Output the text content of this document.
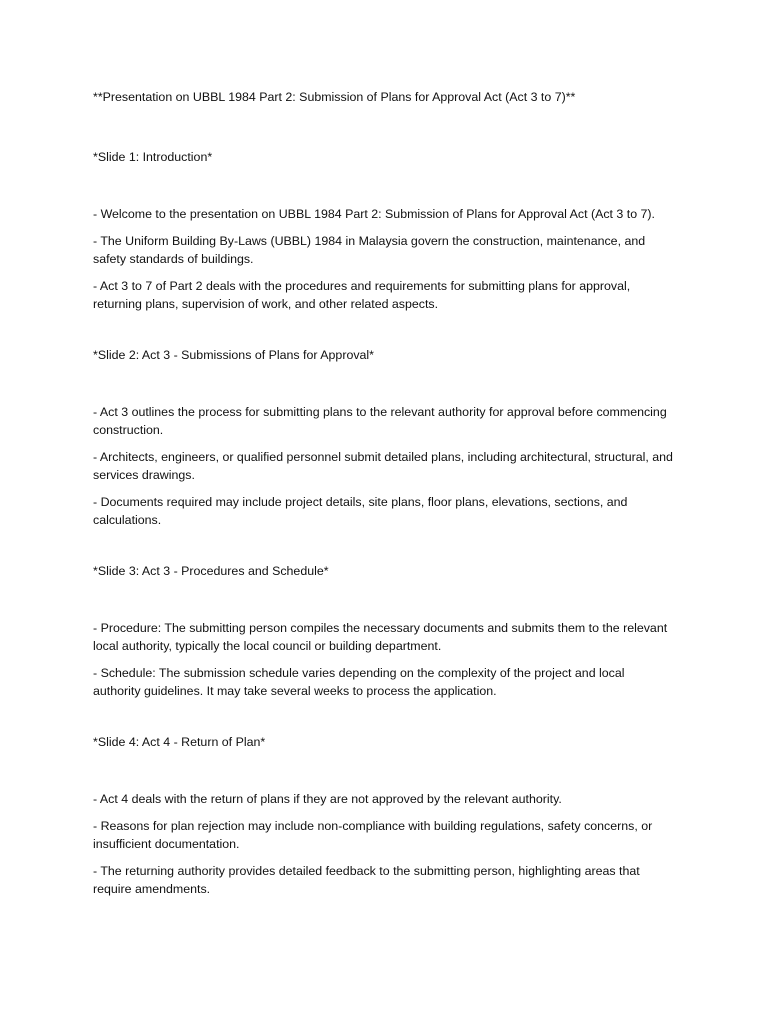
**Presentation on UBBL 1984 Part 2: Submission of Plans for Approval Act (Act 3 to 7)**

*Slide 1: Introduction*

- Welcome to the presentation on UBBL 1984 Part 2: Submission of Plans for Approval Act (Act 3 to 7).

- The Uniform Building By-Laws (UBBL) 1984 in Malaysia govern the construction, maintenance, and safety standards of buildings.

- Act 3 to 7 of Part 2 deals with the procedures and requirements for submitting plans for approval, returning plans, supervision of work, and other related aspects.

*Slide 2: Act 3 - Submissions of Plans for Approval*

- Act 3 outlines the process for submitting plans to the relevant authority for approval before commencing construction.

- Architects, engineers, or qualified personnel submit detailed plans, including architectural, structural, and services drawings.

- Documents required may include project details, site plans, floor plans, elevations, sections, and calculations.

*Slide 3: Act 3 - Procedures and Schedule*

- Procedure: The submitting person compiles the necessary documents and submits them to the relevant local authority, typically the local council or building department.

- Schedule: The submission schedule varies depending on the complexity of the project and local authority guidelines. It may take several weeks to process the application.

*Slide 4: Act 4 - Return of Plan*

- Act 4 deals with the return of plans if they are not approved by the relevant authority.

- Reasons for plan rejection may include non-compliance with building regulations, safety concerns, or insufficient documentation.

- The returning authority provides detailed feedback to the submitting person, highlighting areas that require amendments.
